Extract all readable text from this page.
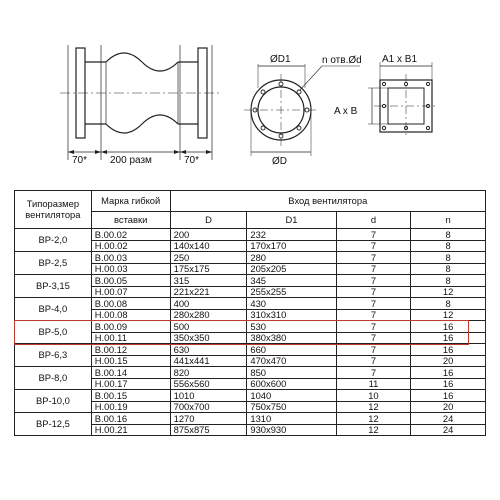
70* 200 разм	70*
ØD1
ØD
n отв.Ød A1 x B1
A x B
Типоразмер вентилятора	Марка гибкой	Вход вентилятора			
		D	D1	d	n
	вставки				
ВР-2,0	В.00.02	200	232	7	8
	Н.00.02	140x140	170x170	7	8
ВР-2,5	В.00.03	250	280	7	8
	Н.00.03	175x175	205x205	7	8
ВР-3,15	В.00.05	315	345	7	8
	Н.00.07	221x221	255x255	7	12
ВР-4,0	В.00.08	400	430	7	8
	Н.00.08	280x280	310x310	7	12
ВР-5,0	В.00.09	500	530	7	16
	Н.00.11	350x350	380x380	7	16
ВР-6,3	В.00.12	630	660	7	16
	Н.00.15	441x441	470x470	7	20
ВР-8,0	В.00.14	820	850	7	16
	Н.00.17	556x560	600x600	11	16
ВР-10,0	В.00.15	1010	1040	10	16
	Н.00.19	700x700	750x750	12	20
ВР-12,5	В.00.16	1270	1310	12	24
	Н.00.21	875x875	930x930	12	24
